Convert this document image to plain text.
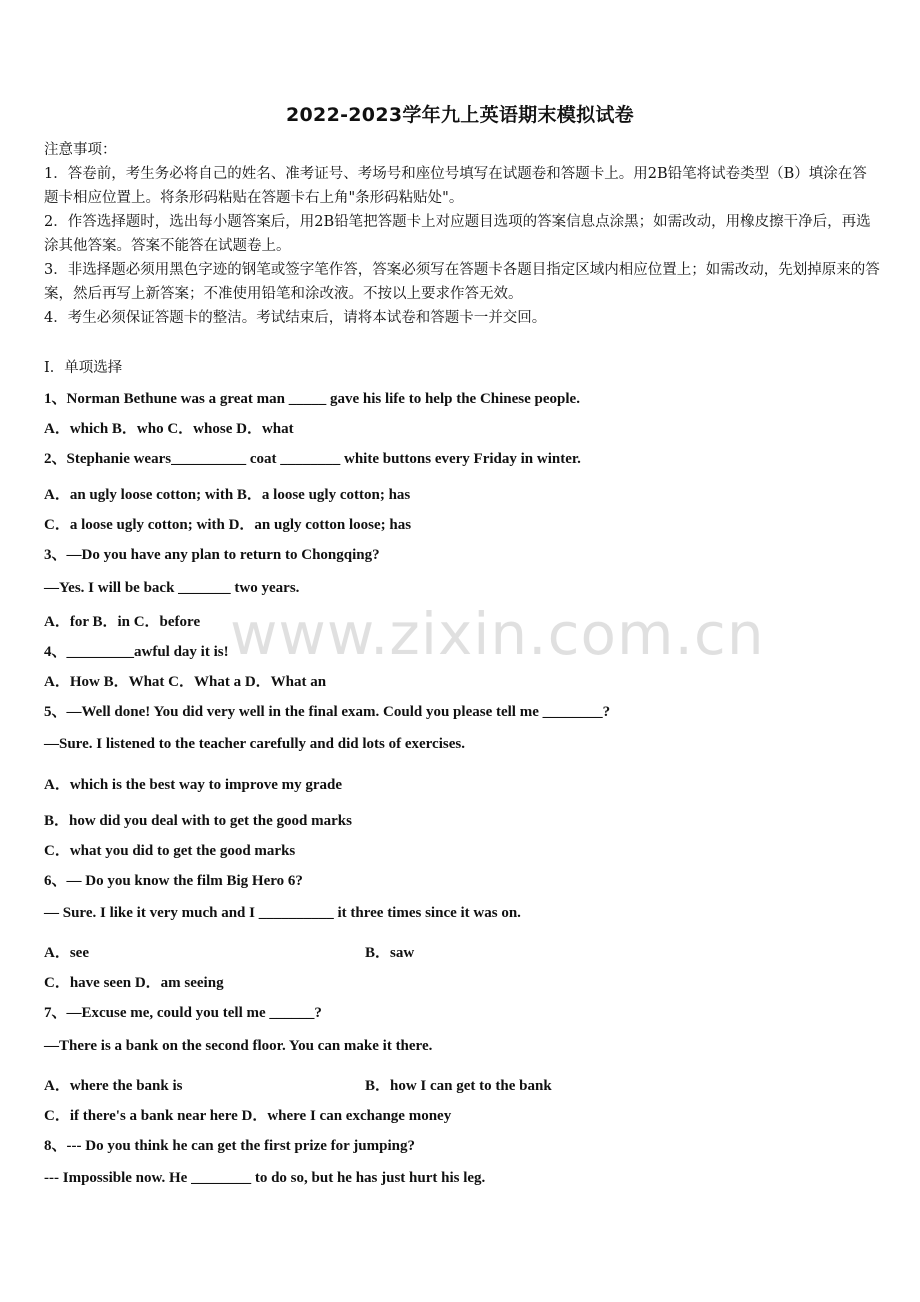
2022-2023学年九上英语期末模拟试卷

注意事项：

1．答卷前，考生务必将自己的姓名、准考证号、考场号和座位号填写在试题卷和答题卡上。用2B铅笔将试卷类型（B）填涂在答题卡相应位置上。将条形码粘贴在答题卡右上角"条形码粘贴处"。

2．作答选择题时，选出每小题答案后，用2B铅笔把答题卡上对应题目选项的答案信息点涂黑；如需改动，用橡皮擦干净后，再选涂其他答案。答案不能答在试题卷上。

3．非选择题必须用黑色字迹的钢笔或签字笔作答，答案必须写在答题卡各题目指定区域内相应位置上；如需改动，先划掉原来的答案，然后再写上新答案；不准使用铅笔和涂改液。不按以上要求作答无效。

4．考生必须保证答题卡的整洁。考试结束后，请将本试卷和答题卡一并交回。

Ⅰ．单项选择
1、Norman Bethune was a great man _____ gave his life to help the Chinese people.
A．which B．who C．whose D．what
2、Stephanie wears__________ coat ________ white buttons every Friday in winter.
A．an ugly loose cotton; with B．a loose ugly cotton; has
C．a loose ugly cotton; with D．an ugly cotton loose; has
3、—Do you have any plan to return to Chongqing?
—Yes. I will be back _______ two years.
A．for B．in C．before
4、_________awful day it is!
A．How B．What C．What a D．What an
5、—Well done! You did very well in the final exam. Could you please tell me ________?
—Sure. I listened to the teacher carefully and did lots of exercises.
A．which is the best way to improve my grade
B．how did you deal with to get the good marks
C．what you did to get the good marks
6、— Do you know the film Big Hero 6?
— Sure. I like it very much and I __________ it three times since it was on.
A．see	B．saw
C．have seen D．am seeing
7、—Excuse me, could you tell me ______?
—There is a bank on the second floor. You can make it there.
A．where the bank is	B．how I can get to the bank
C．if there's a bank near here D．where I can exchange money
8、--- Do you think he can get the first prize for jumping?
--- Impossible now. He ________ to do so, but he has just hurt his leg.
www.zixin.com.cn
